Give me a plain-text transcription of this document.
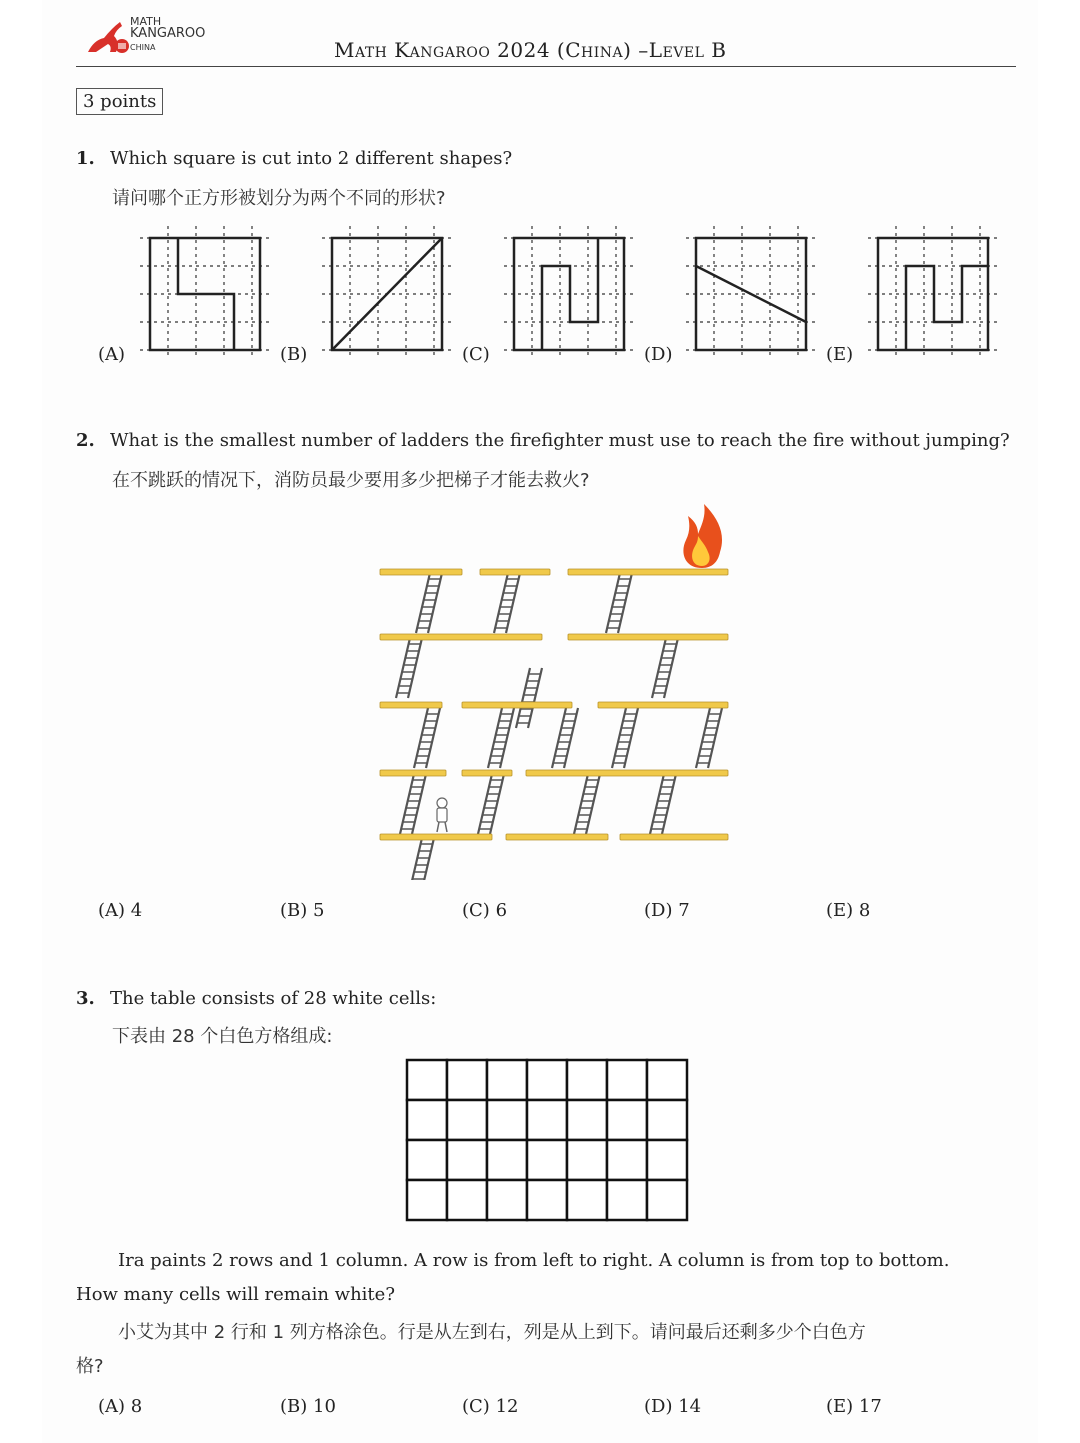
MATH
KANGAROO
CHINA	Math Kangaroo 2024 (China) –Level B
3 points
1. Which square is cut into 2 different shapes?
请问哪个正方形被划分为两个不同的形状?
(A)	(B)	(C)	(D)	(E)
2. What is the smallest number of ladders the firefighter must use to reach the fire without jumping?
在不跳跃的情况下，消防员最少要用多少把梯子才能去救火?
(A) 4	(B) 5	(C) 6	(D) 7	(E) 8
3. The table consists of 28 white cells:
下表由 28 个白色方格组成:
Ira paints 2 rows and 1 column. A row is from left to right. A column is from top to bottom.
How many cells will remain white?
小艾为其中 2 行和 1 列方格涂色。行是从左到右，列是从上到下。请问最后还剩多少个白色方
格?
(A) 8	(B) 10	(C) 12	(D) 14	(E) 17
